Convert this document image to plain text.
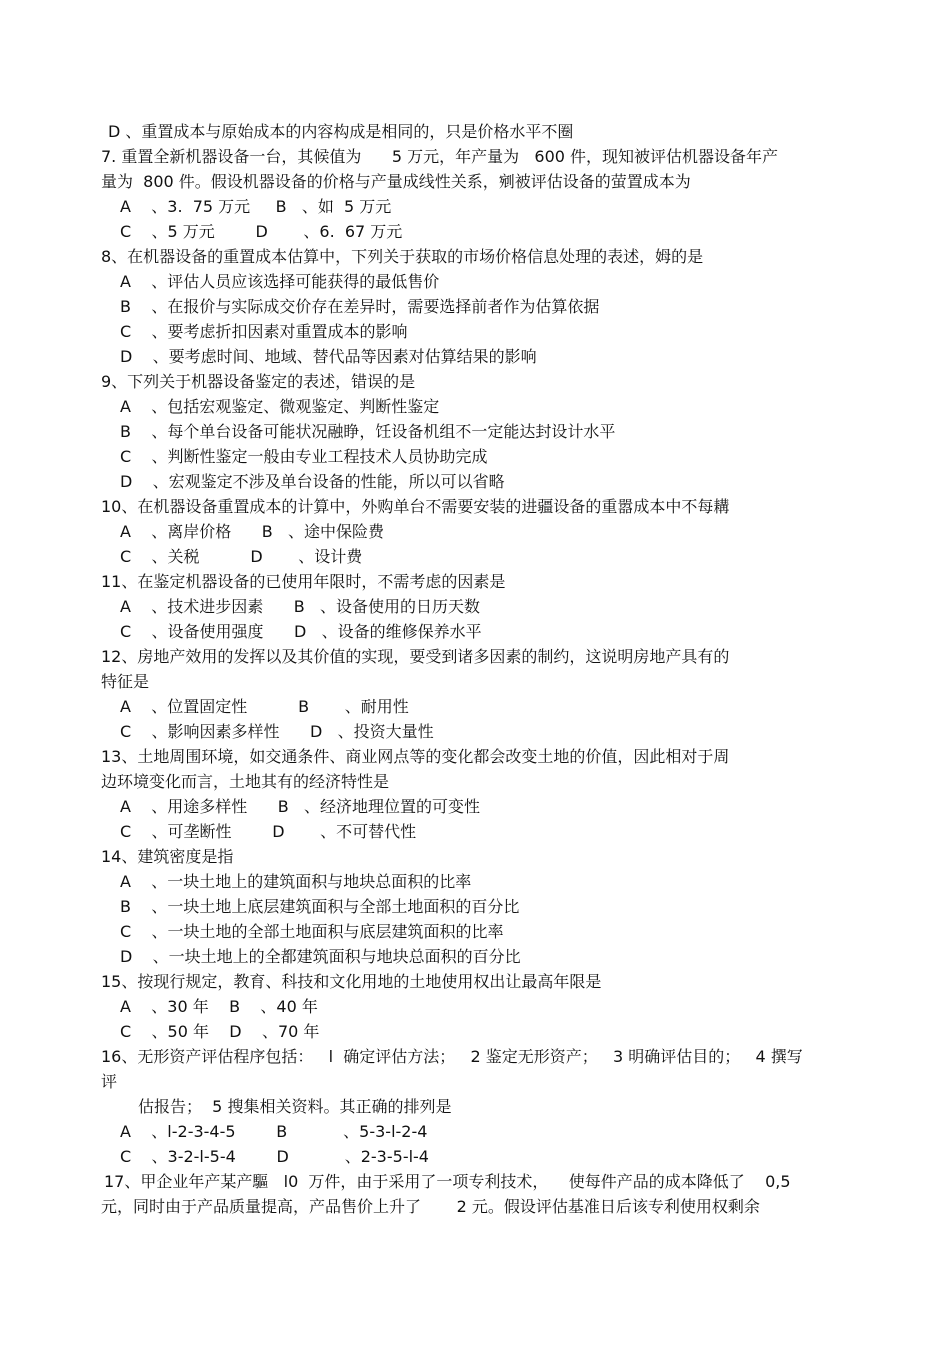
D 、重置成本与原始成本的内容构成是相同的，只是价格水平不圈
7. 重置全新机器设备一台，其候值为      5 万元，年产量为   600 件，现知被评估机器设备年产
量为  800 件。假设机器设备的价格与产量成线性关系，剜被评估设备的萤置成本为
A    、3.  75 万元     B   、如  5 万元
C    、5 万元        D       、6.  67 万元
8、在机器设备的重置成本估算中，下列关于获取的市场价格信息处理的表述，姆的是
A    、评估人员应该选择可能获得的最低售价
B    、在报价与实际成交价存在差异时，需要选择前者作为估算依据
C    、要考虑折扣因素对重置成本的影响
D    、要考虑时间、地域、替代品等因素对估算结果的影响
9、下列关于机器设备鉴定的表述，错误的是
A    、包括宏观鉴定、微观鉴定、判断性鉴定
B    、每个单台设备可能状况融睁，饪设备机组不一定能达封设计水平
C    、判断性鉴定一般由专业工程技术人员协助完成
D    、宏观鉴定不涉及单台设备的性能，所以可以省略
10、在机器设备重置成本的计算中，外购单台不需要安装的进疆设备的重嚣成本中不每耩
A    、离岸价格      B   、途中保险费
C    、关税          D       、设计费
11、在鉴定机器设备的已使用年限时，不需考虑的因素是
A    、技术进步因素      B   、设备使用的日历天数
C    、设备使用强度      D   、设备的维修保养水平
12、房地产效用的发挥以及其价值的实现，要受到诸多因素的制约，这说明房地产具有的
特征是
A    、位置固定性          B       、耐用性
C    、影响因素多样性      D   、投资大量性
13、土地周围环境，如交通条件、商业网点等的变化都会改变土地的价值，因此相对于周
边环境变化而言，土地其有的经济特性是
A    、用途多样性      B   、经济地理位置的可变性
C    、可垄断性        D       、不可替代性
14、建筑密度是指
A    、一块土地上的建筑面积与地块总面积的比率
B    、一块土地上底层建筑面积与全部土地面积的百分比
C    、一块土地的全部土地面积与底层建筑面积的比率
D    、一块土地上的全都建筑面积与地块总面积的百分比
15、按现行规定，教育、科技和文化用地的土地使用权出让最高年限是
A    、30 年    B    、40 年
C    、50 年    D    、70 年
16、无形资产评估程序包括：   l  确定评估方法；   2 鉴定无形资产；   3 明确评估目的；   4 撰写
评
估报告；  5 搜集相关资料。其正确的排列是
A    、l-2-3-4-5        B           、5-3-l-2-4
C    、3-2-l-5-4        D           、2-3-5-l-4
17、甲企业年产某产驅   l0  万件，由于采用了一项专利技术，    使每件产品的成本降低了    0,5
元，同时由于产品质量提高，产品售价上升了       2 元。假设评估基准日后该专利使用权剩余
